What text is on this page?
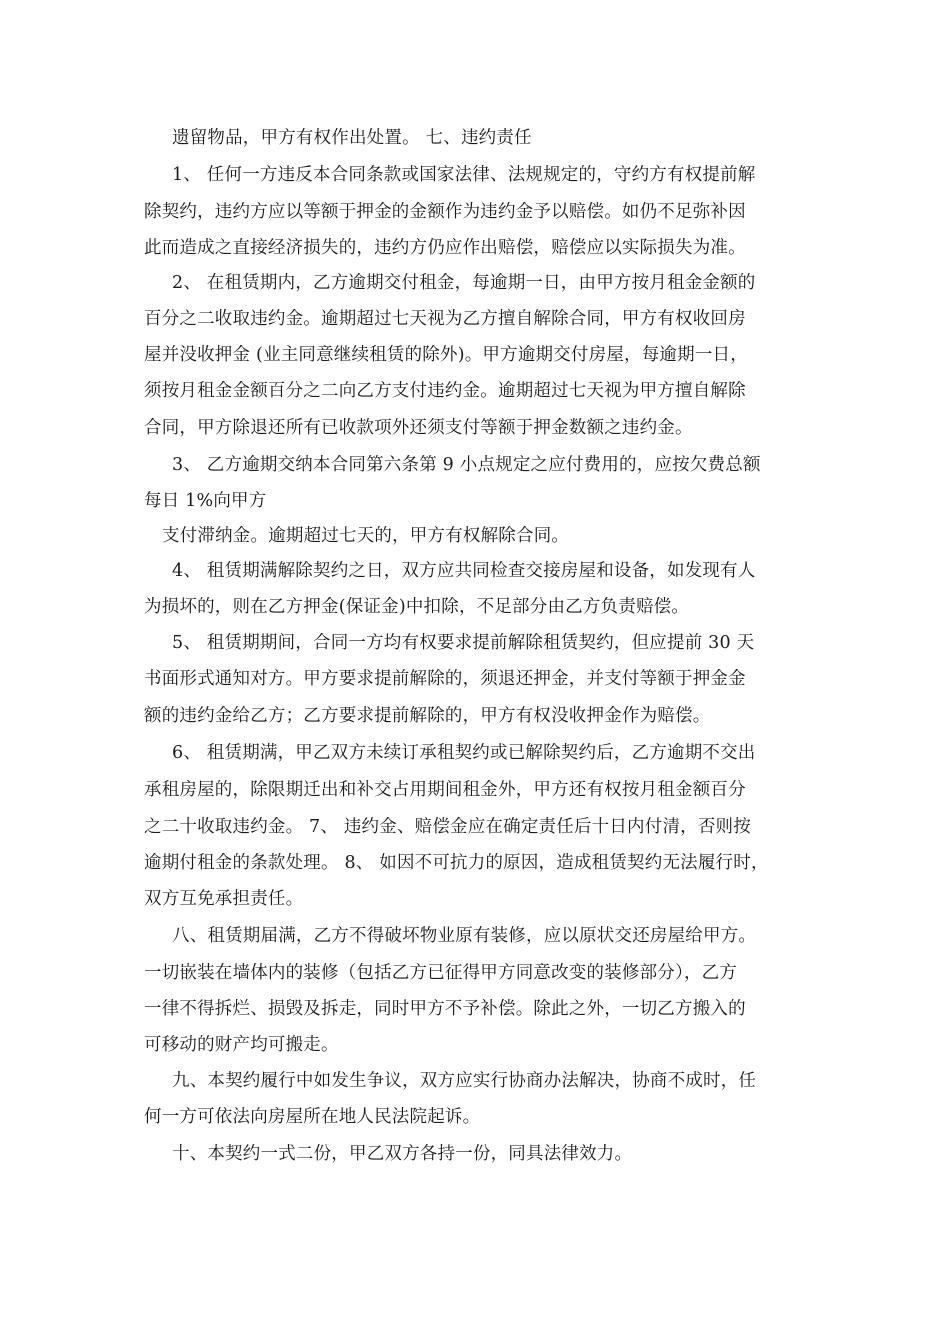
遗留物品，甲方有权作出处置。 七、违约责任
1、 任何一方违反本合同条款或国家法律、法规规定的，守约方有权提前解
除契约，违约方应以等额于押金的金额作为违约金予以赔偿。如仍不足弥补因
此而造成之直接经济损失的，违约方仍应作出赔偿，赔偿应以实际损失为准。
2、 在租赁期内，乙方逾期交付租金，每逾期一日，由甲方按月租金金额的
百分之二收取违约金。逾期超过七天视为乙方擅自解除合同，甲方有权收回房
屋并没收押金 (业主同意继续租赁的除外)。甲方逾期交付房屋，每逾期一日，
须按月租金金额百分之二向乙方支付违约金。逾期超过七天视为甲方擅自解除
合同，甲方除退还所有已收款项外还须支付等额于押金数额之违约金。
3、 乙方逾期交纳本合同第六条第 9 小点规定之应付费用的，应按欠费总额
每日 1%向甲方
支付滞纳金。逾期超过七天的，甲方有权解除合同。
4、 租赁期满解除契约之日，双方应共同检查交接房屋和设备，如发现有人
为损坏的，则在乙方押金(保证金)中扣除，不足部分由乙方负责赔偿。
5、 租赁期期间，合同一方均有权要求提前解除租赁契约，但应提前 30 天
书面形式通知对方。甲方要求提前解除的，须退还押金，并支付等额于押金金
额的违约金给乙方；乙方要求提前解除的，甲方有权没收押金作为赔偿。
6、 租赁期满，甲乙双方未续订承租契约或已解除契约后，乙方逾期不交出
承租房屋的，除限期迁出和补交占用期间租金外，甲方还有权按月租金额百分
之二十收取违约金。 7、 违约金、赔偿金应在确定责任后十日内付清，否则按
逾期付租金的条款处理。 8、 如因不可抗力的原因，造成租赁契约无法履行时，
双方互免承担责任。
八、租赁期届满，乙方不得破坏物业原有装修，应以原状交还房屋给甲方。
一切嵌装在墙体内的装修（包括乙方已征得甲方同意改变的装修部分），乙方
一律不得拆烂、损毁及拆走，同时甲方不予补偿。除此之外，一切乙方搬入的
可移动的财产均可搬走。
九、本契约履行中如发生争议，双方应实行协商办法解决，协商不成时，任
何一方可依法向房屋所在地人民法院起诉。
十、本契约一式二份，甲乙双方各持一份，同具法律效力。
